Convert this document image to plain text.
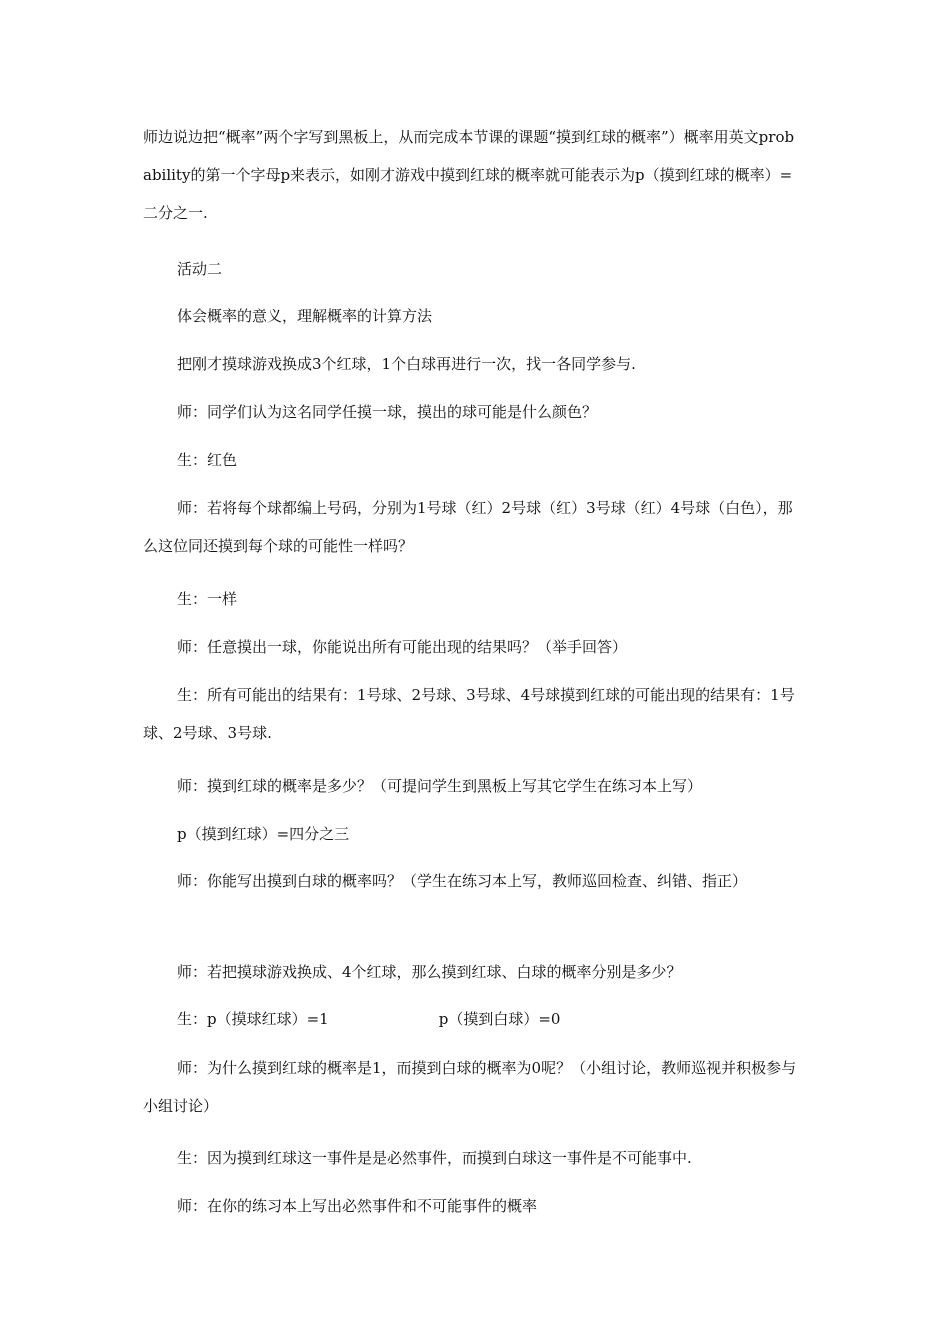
师边说边把“概率”两个字写到黑板上，从而完成本节课的课题“摸到红球的概率”）概率用英文probability的第一个字母p来表示，如刚才游戏中摸到红球的概率就可能表示为p（摸到红球的概率）=二分之一.

活动二

体会概率的意义，理解概率的计算方法

把刚才摸球游戏换成3个红球，1个白球再进行一次，找一各同学参与.

师：同学们认为这名同学任摸一球，摸出的球可能是什么颜色？

生：红色

师：若将每个球都编上号码，分别为1号球（红）2号球（红）3号球（红）4号球（白色），那么这位同还摸到每个球的可能性一样吗？

生：一样

师：任意摸出一球，你能说出所有可能出现的结果吗？（举手回答）

生：所有可能出的结果有：1号球、2号球、3号球、4号球摸到红球的可能出现的结果有：1号球、2号球、3号球.

师：摸到红球的概率是多少？（可提问学生到黑板上写其它学生在练习本上写）

p（摸到红球）=四分之三

师：你能写出摸到白球的概率吗？（学生在练习本上写，教师巡回检查、纠错、指正）

师：若把摸球游戏换成、4个红球，那么摸到红球、白球的概率分别是多少？

生：p（摸球红球）=1	p（摸到白球）=0

师：为什么摸到红球的概率是1，而摸到白球的概率为0呢？（小组讨论，教师巡视并积极参与小组讨论）

生：因为摸到红球这一事件是是必然事件，而摸到白球这一事件是不可能事中.

师：在你的练习本上写出必然事件和不可能事件的概率
